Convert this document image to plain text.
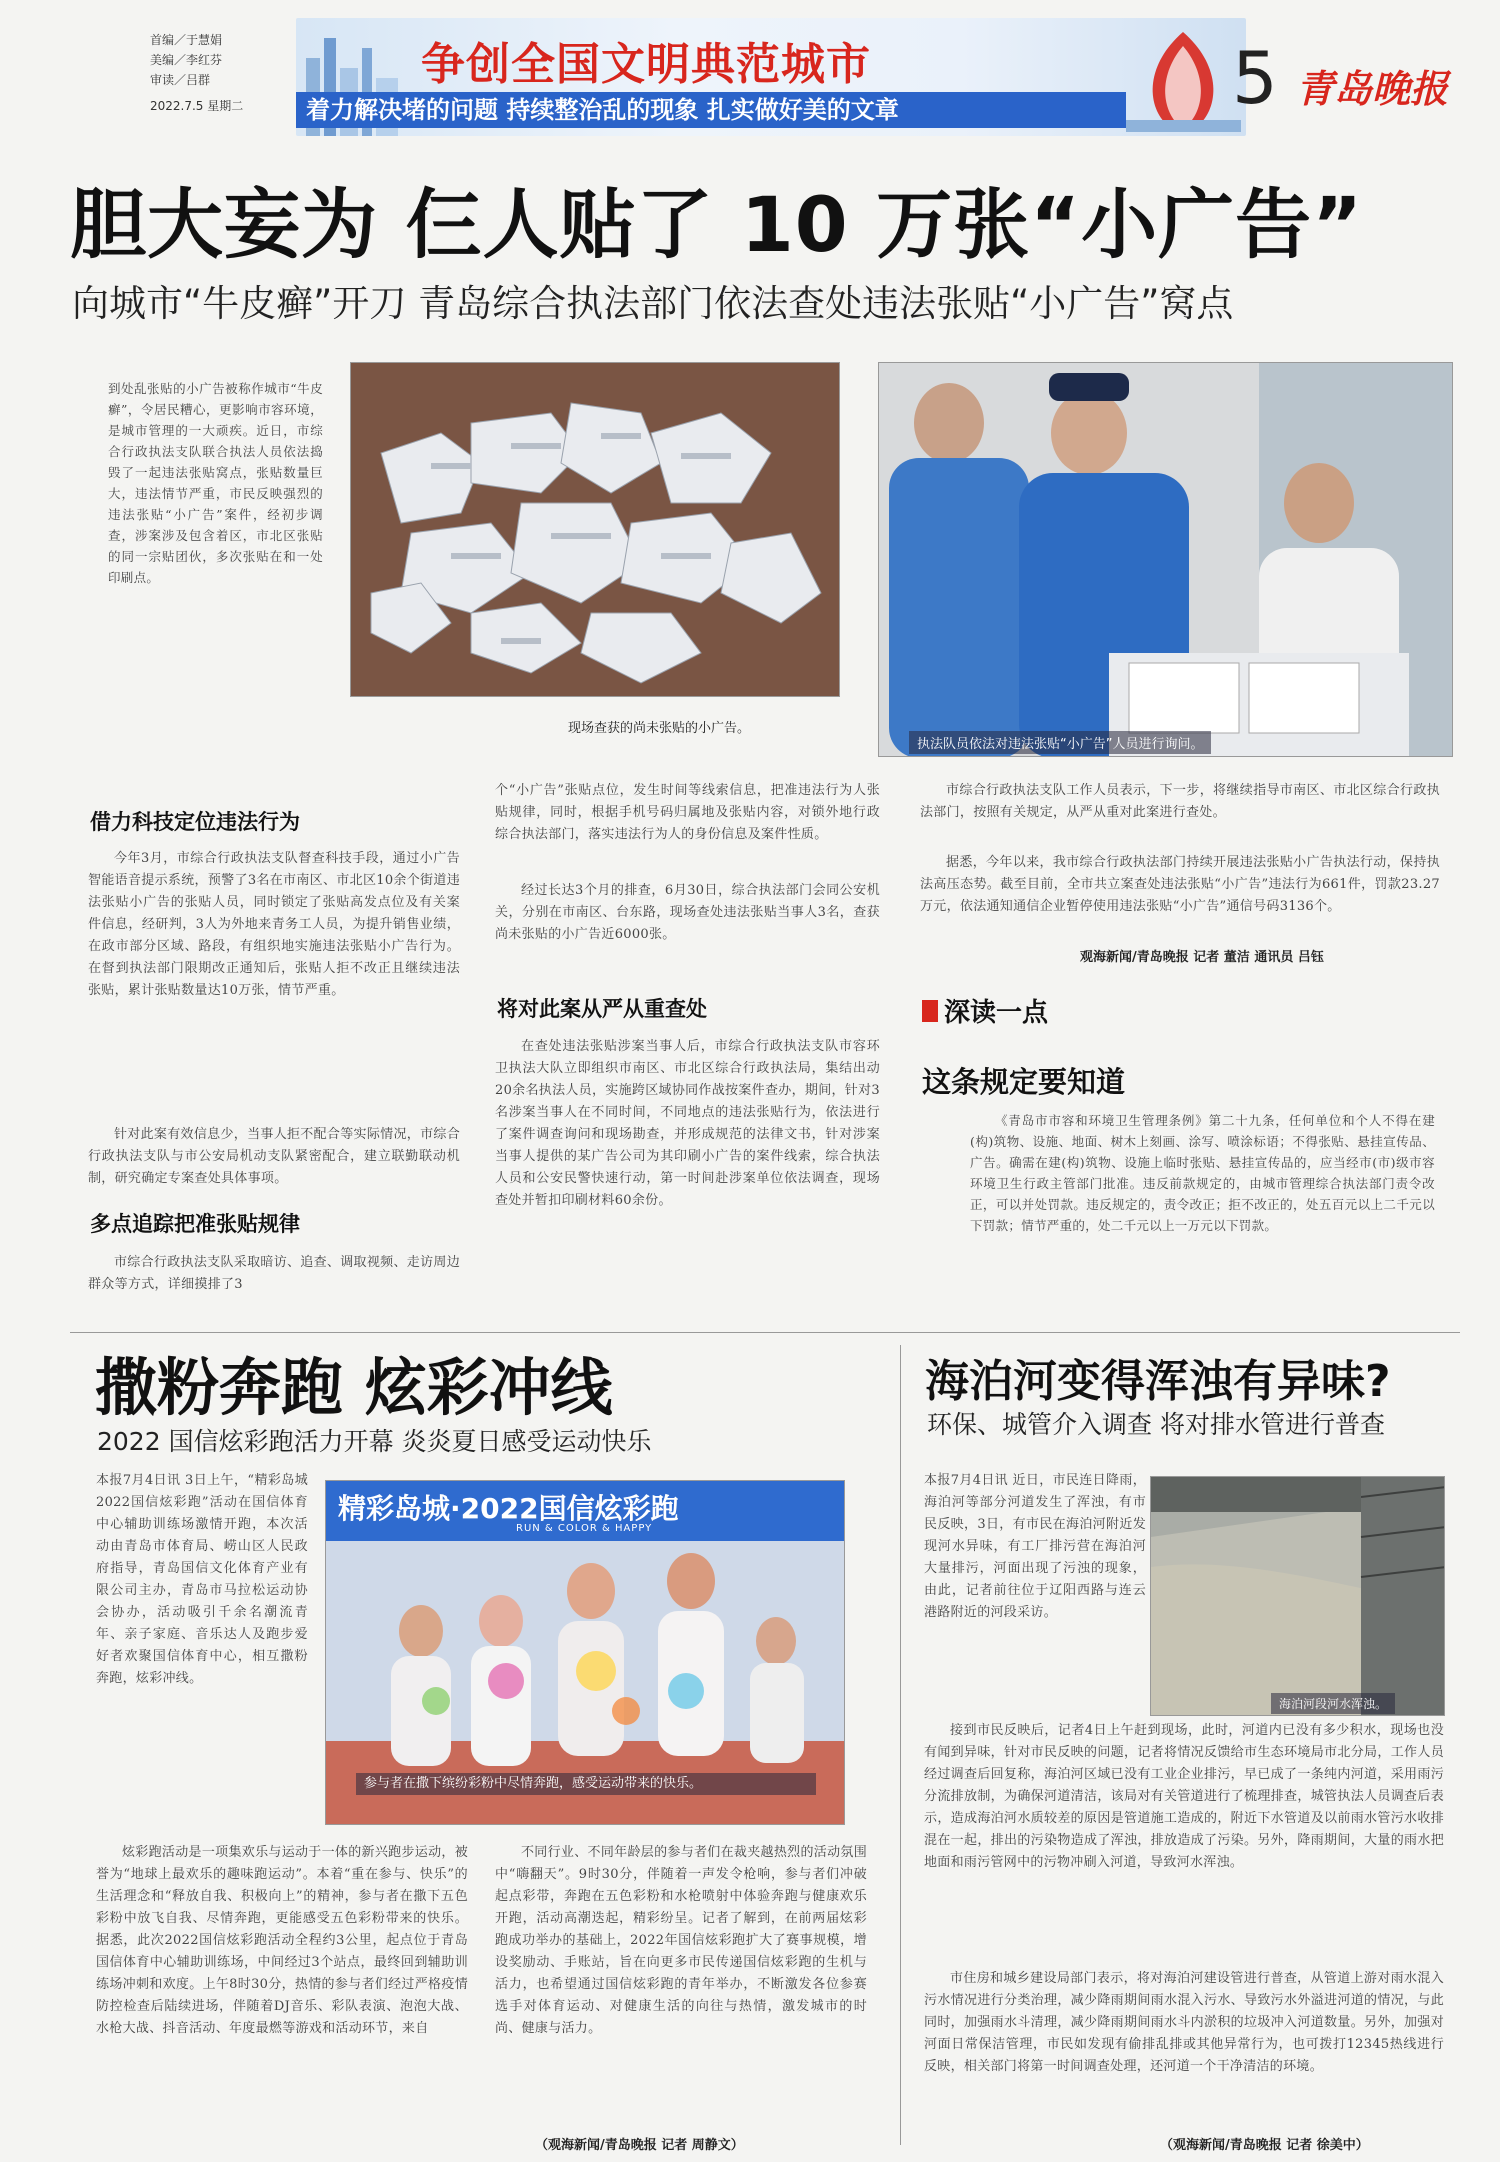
首编／于慧娟
美编／李红芬
审读／吕群
2022.7.5 星期二
争创全国文明典范城市
着力解决堵的问题 持续整治乱的现象 扎实做好美的文章	5 青岛晚报
胆大妄为 仨人贴了 10 万张“小广告”
向城市“牛皮癣”开刀 青岛综合执法部门依法查处违法张贴“小广告”窝点
到处乱张贴的小广告被称作城市“牛皮癣”，令居民糟心，更影响市容环境，是城市管理的一大顽疾。近日，市综合行政执法支队联合执法人员依法捣毁了一起违法张贴窝点，张贴数量巨大，违法情节严重，市民反映强烈的违法张贴“小广告”案件，经初步调查，涉案涉及包含着区，市北区张贴的同一宗贴团伙，多次张贴在和一处印刷点。
现场查获的尚未张贴的小广告。
执法队员依法对违法张贴“小广告”人员进行询问。
借力科技定位违法行为
今年3月，市综合行政执法支队督查科技手段，通过小广告智能语音提示系统，预警了3名在市南区、市北区10余个街道违法张贴小广告的张贴人员，同时锁定了张贴高发点位及有关案件信息，经研判，3人为外地来青务工人员，为提升销售业绩，在政市部分区域、路段，有组织地实施违法张贴小广告行为。在督到执法部门限期改正通知后，张贴人拒不改正且继续违法张贴，累计张贴数量达10万张，情节严重。
针对此案有效信息少，当事人拒不配合等实际情况，市综合行政执法支队与市公安局机动支队紧密配合，建立联勤联动机制，研究确定专案查处具体事项。
多点追踪把准张贴规律
市综合行政执法支队采取暗访、追查、调取视频、走访周边群众等方式，详细摸排了3
个“小广告”张贴点位，发生时间等线索信息，把准违法行为人张贴规律，同时，根据手机号码归属地及张贴内容，对锁外地行政综合执法部门，落实违法行为人的身份信息及案件性质。
经过长达3个月的排查，6月30日，综合执法部门会同公安机关，分别在市南区、台东路，现场查处违法张贴当事人3名，查获尚未张贴的小广告近6000张。
将对此案从严从重查处
在查处违法张贴涉案当事人后，市综合行政执法支队市容环卫执法大队立即组织市南区、市北区综合行政执法局，集结出动20余名执法人员，实施跨区域协同作战按案件查办，期间，针对3名涉案当事人在不同时间，不同地点的违法张贴行为，依法进行了案件调查询问和现场勘查，并形成规范的法律文书，针对涉案当事人提供的某广告公司为其印刷小广告的案件线索，综合执法人员和公安民警快速行动，第一时间赴涉案单位依法调查，现场查处并暂扣印刷材料60余份。
市综合行政执法支队工作人员表示，下一步，将继续指导市南区、市北区综合行政执法部门，按照有关规定，从严从重对此案进行查处。
据悉，今年以来，我市综合行政执法部门持续开展违法张贴小广告执法行动，保持执法高压态势。截至目前，全市共立案查处违法张贴“小广告”违法行为661件，罚款23.27万元，依法通知通信企业暂停使用违法张贴“小广告”通信号码3136个。
观海新闻/青岛晚报 记者 董洁 通讯员 吕钰
深读一点
这条规定要知道
《青岛市市容和环境卫生管理条例》第二十九条，任何单位和个人不得在建(构)筑物、设施、地面、树木上刻画、涂写、喷涂标语；不得张贴、悬挂宣传品、广告。确需在建(构)筑物、设施上临时张贴、悬挂宣传品的，应当经市(市)级市容环境卫生行政主管部门批准。违反前款规定的，由城市管理综合执法部门责令改正，可以并处罚款。违反规定的，责令改正；拒不改正的，处五百元以上二千元以下罚款；情节严重的，处二千元以上一万元以下罚款。
撒粉奔跑 炫彩冲线
2022 国信炫彩跑活力开幕 炎炎夏日感受运动快乐
本报7月4日讯 3日上午，“精彩岛城 2022国信炫彩跑”活动在国信体育中心辅助训练场激情开跑，本次活动由青岛市体育局、崂山区人民政府指导，青岛国信文化体育产业有限公司主办，青岛市马拉松运动协会协办，活动吸引千余名潮流青年、亲子家庭、音乐达人及跑步爱好者欢聚国信体育中心，相互撒粉奔跑，炫彩冲线。
精彩岛城·2022国信炫彩跑
RUN & COLOR & HAPPY
参与者在撒下缤纷彩粉中尽情奔跑，感受运动带来的快乐。
炫彩跑活动是一项集欢乐与运动于一体的新兴跑步运动，被誉为“地球上最欢乐的趣味跑运动”。本着“重在参与、快乐”的生活理念和“释放自我、积极向上”的精神，参与者在撒下五色彩粉中放飞自我、尽情奔跑，更能感受五色彩粉带来的快乐。据悉，此次2022国信炫彩跑活动全程约3公里，起点位于青岛国信体育中心辅助训练场，中间经过3个站点，最终回到辅助训练场冲刺和欢度。上午8时30分，热情的参与者们经过严格疫情防控检查后陆续进场，伴随着DJ音乐、彩队表演、泡泡大战、水枪大战、抖音活动、年度最燃等游戏和活动环节，来自
不同行业、不同年龄层的参与者们在裁夹越热烈的活动氛围中“嗨翻天”。9时30分，伴随着一声发令枪响，参与者们冲破起点彩带，奔跑在五色彩粉和水枪喷射中体验奔跑与健康欢乐开跑，活动高潮迭起，精彩纷呈。记者了解到，在前两届炫彩跑成功举办的基础上，2022年国信炫彩跑扩大了赛事规模，增设奖励动、手账站，旨在向更多市民传递国信炫彩跑的生机与活力，也希望通过国信炫彩跑的青年举办，不断激发各位参赛选手对体育运动、对健康生活的向往与热情，激发城市的时尚、健康与活力。
（观海新闻/青岛晚报 记者 周静文）
海泊河变得浑浊有异味?
环保、城管介入调查 将对排水管进行普查
本报7月4日讯 近日，市民连日降雨，海泊河等部分河道发生了浑浊，有市民反映，3日，有市民在海泊河附近发现河水异味，有工厂排污营在海泊河大量排污，河面出现了污浊的现象，由此，记者前往位于辽阳西路与连云港路附近的河段采访。
海泊河段河水浑浊。
接到市民反映后，记者4日上午赶到现场，此时，河道内已没有多少积水，现场也没有闻到异味，针对市民反映的问题，记者将情况反馈给市生态环境局市北分局，工作人员经过调查后回复称，海泊河区域已没有工业企业排污，早已成了一条纯内河道，采用雨污分流排放制，为确保河道清洁，该局对有关管道进行了梳理排查，城管执法人员调查后表示，造成海泊河水质较差的原因是管道施工造成的，附近下水管道及以前雨水管污水收排混在一起，排出的污染物造成了浑浊，排放造成了污染。另外，降雨期间，大量的雨水把地面和雨污管网中的污物冲刷入河道，导致河水浑浊。
市住房和城乡建设局部门表示，将对海泊河建设管进行普查，从管道上游对雨水混入污水情况进行分类治理，减少降雨期间雨水混入污水、导致污水外溢进河道的情况，与此同时，加强雨水斗清理，减少降雨期间雨水斗内淤积的垃圾冲入河道数量。另外，加强对河面日常保洁管理，市民如发现有偷排乱排或其他异常行为，也可拨打12345热线进行反映，相关部门将第一时间调查处理，还河道一个干净清洁的环境。
（观海新闻/青岛晚报 记者 徐美中）
